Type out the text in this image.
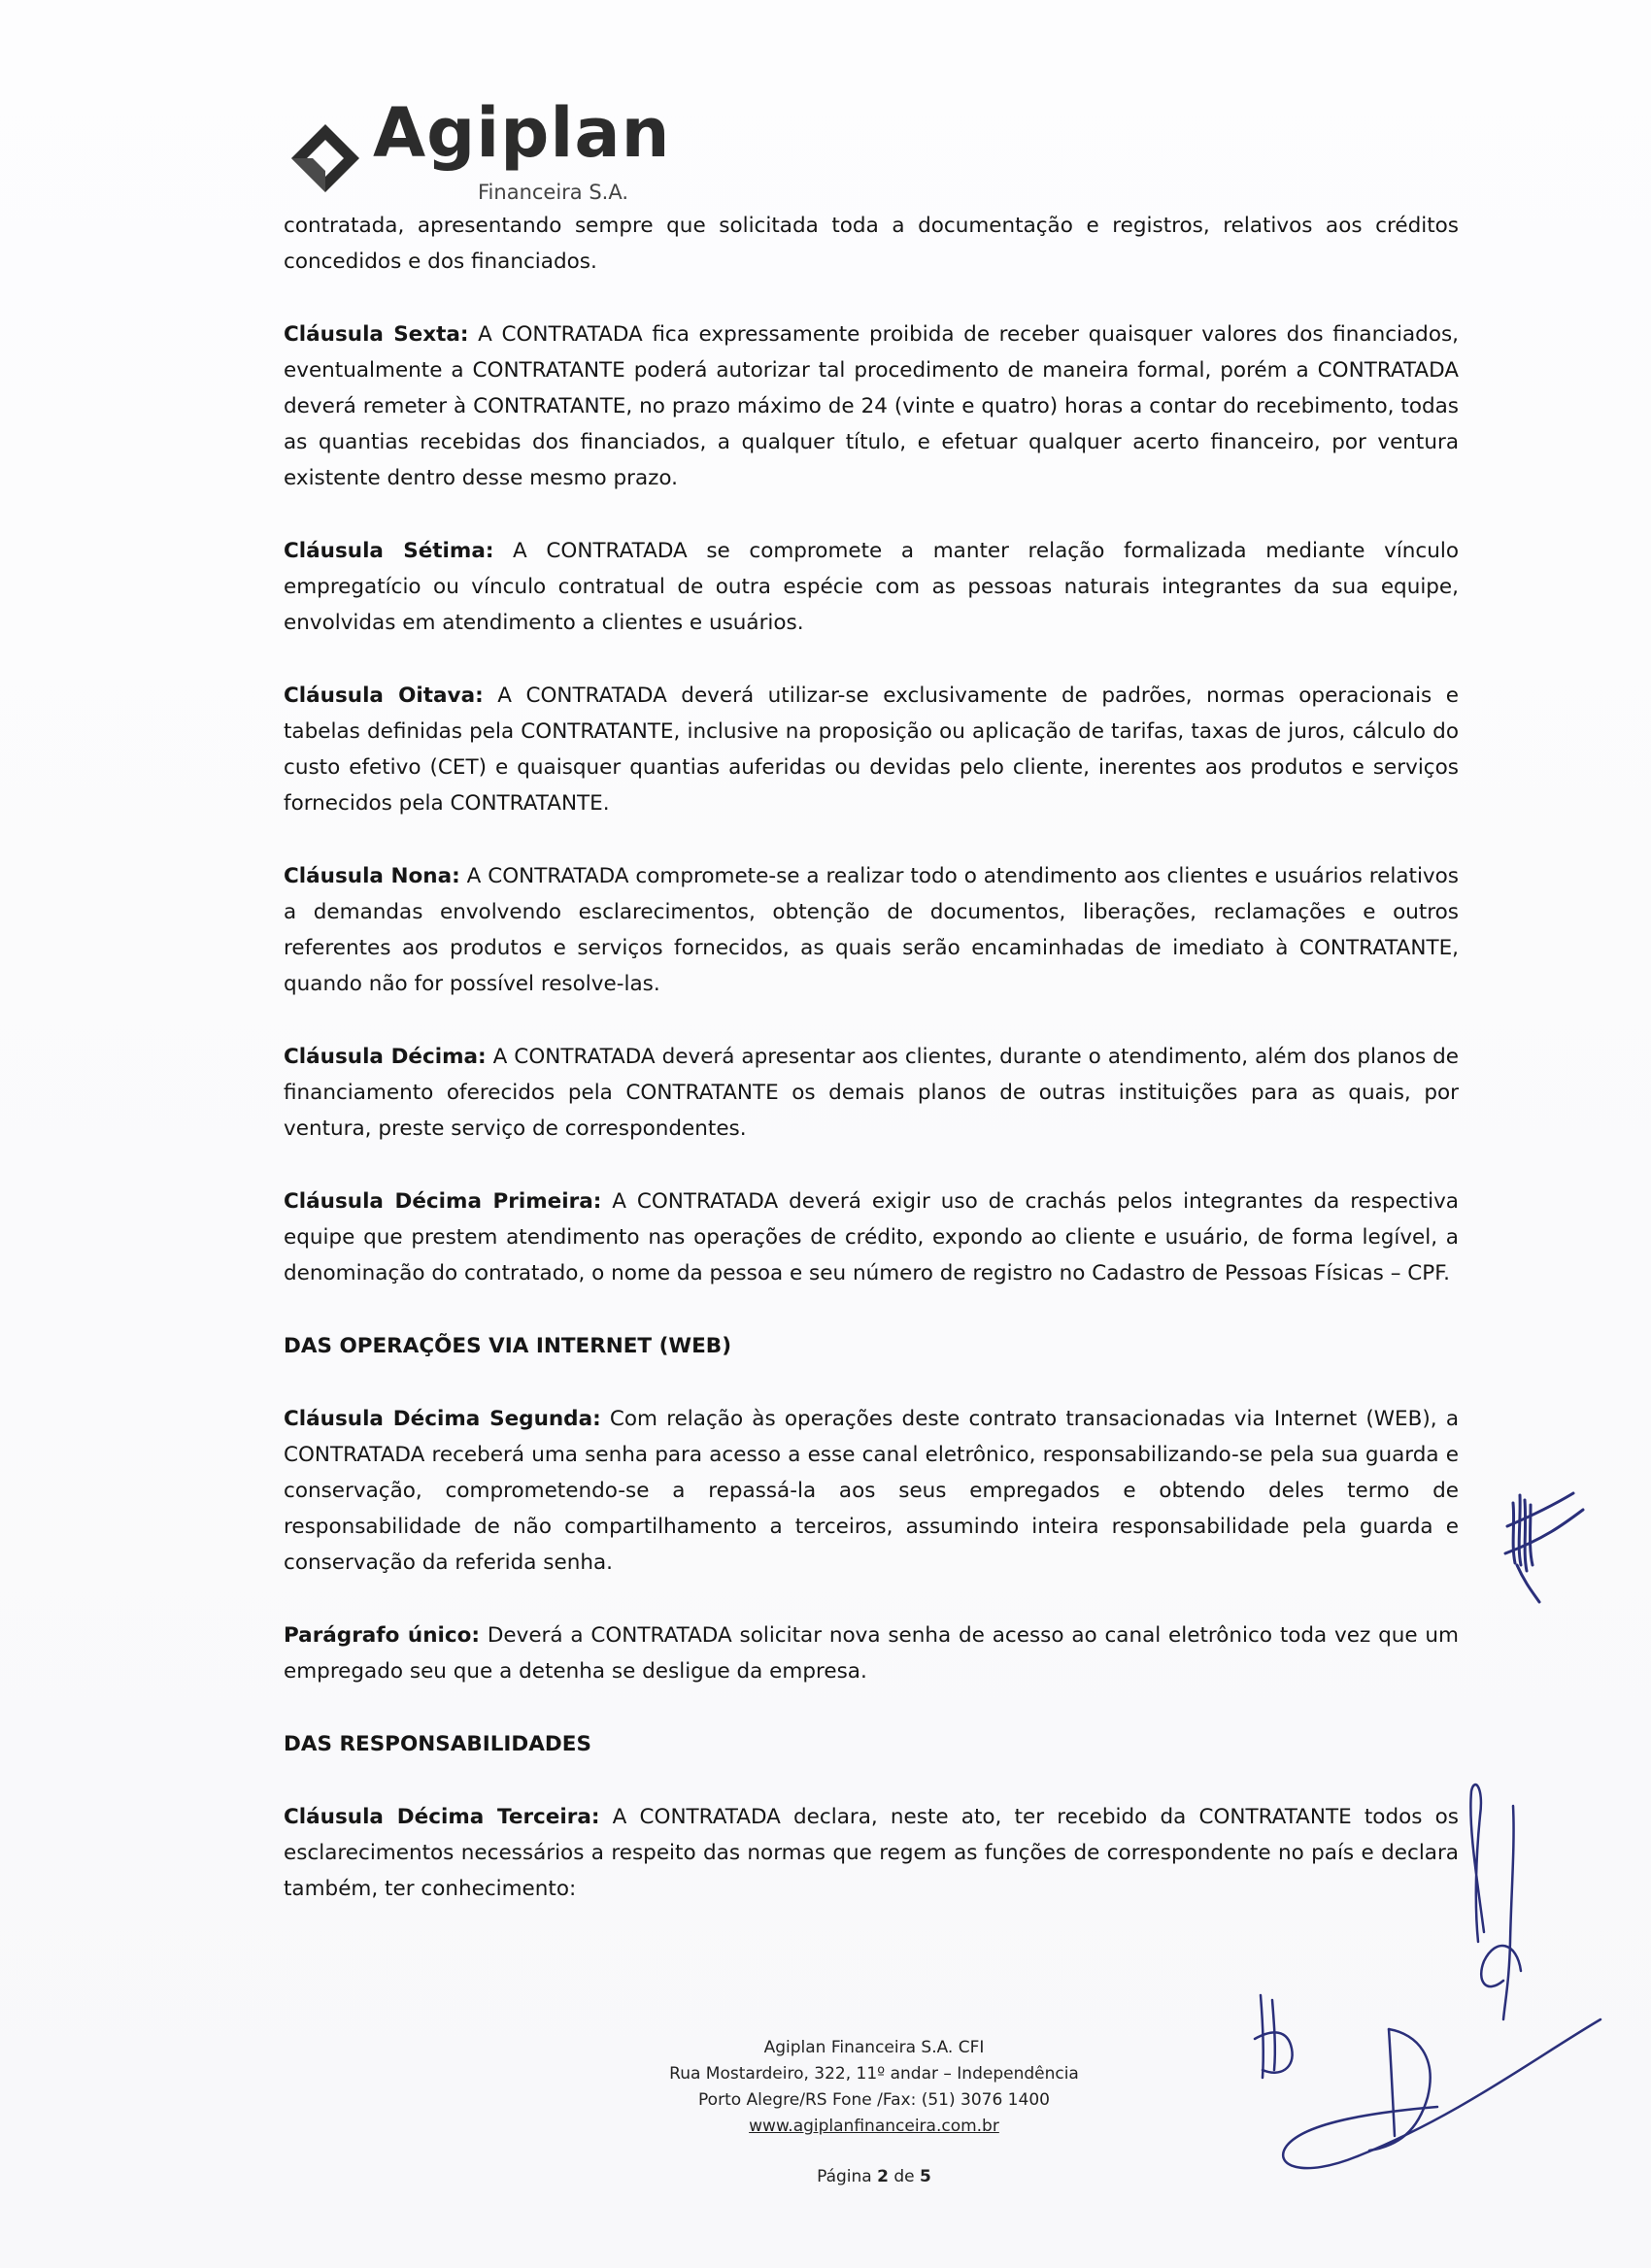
Agiplan
Financeira S.A.

contratada, apresentando sempre que solicitada toda a documentação e registros, relativos aos créditos concedidos e dos financiados.

Cláusula Sexta: A CONTRATADA fica expressamente proibida de receber quaisquer valores dos financiados, eventualmente a CONTRATANTE poderá autorizar tal procedimento de maneira formal, porém a CONTRATADA deverá remeter à CONTRATANTE, no prazo máximo de 24 (vinte e quatro) horas a contar do recebimento, todas as quantias recebidas dos financiados, a qualquer título, e efetuar qualquer acerto financeiro, por ventura existente dentro desse mesmo prazo.

Cláusula Sétima: A CONTRATADA se compromete a manter relação formalizada mediante vínculo empregatício ou vínculo contratual de outra espécie com as pessoas naturais integrantes da sua equipe, envolvidas em atendimento a clientes e usuários.

Cláusula Oitava: A CONTRATADA deverá utilizar-se exclusivamente de padrões, normas operacionais e tabelas definidas pela CONTRATANTE, inclusive na proposição ou aplicação de tarifas, taxas de juros, cálculo do custo efetivo (CET) e quaisquer quantias auferidas ou devidas pelo cliente, inerentes aos produtos e serviços fornecidos pela CONTRATANTE.

Cláusula Nona: A CONTRATADA compromete-se a realizar todo o atendimento aos clientes e usuários relativos a demandas envolvendo esclarecimentos, obtenção de documentos, liberações, reclamações e outros referentes aos produtos e serviços fornecidos, as quais serão encaminhadas de imediato à CONTRATANTE, quando não for possível resolve-las.

Cláusula Décima: A CONTRATADA deverá apresentar aos clientes, durante o atendimento, além dos planos de financiamento oferecidos pela CONTRATANTE os demais planos de outras instituições para as quais, por ventura, preste serviço de correspondentes.

Cláusula Décima Primeira: A CONTRATADA deverá exigir uso de crachás pelos integrantes da respectiva equipe que prestem atendimento nas operações de crédito, expondo ao cliente e usuário, de forma legível, a denominação do contratado, o nome da pessoa e seu número de registro no Cadastro de Pessoas Físicas – CPF.

DAS OPERAÇÕES VIA INTERNET (WEB)

Cláusula Décima Segunda: Com relação às operações deste contrato transacionadas via Internet (WEB), a CONTRATADA receberá uma senha para acesso a esse canal eletrônico, responsabilizando-se pela sua guarda e conservação, comprometendo-se a repassá-la aos seus empregados e obtendo deles termo de responsabilidade de não compartilhamento a terceiros, assumindo inteira responsabilidade pela guarda e conservação da referida senha.

Parágrafo único: Deverá a CONTRATADA solicitar nova senha de acesso ao canal eletrônico toda vez que um empregado seu que a detenha se desligue da empresa.

DAS RESPONSABILIDADES

Cláusula Décima Terceira: A CONTRATADA declara, neste ato, ter recebido da CONTRATANTE todos os esclarecimentos necessários a respeito das normas que regem as funções de correspondente no país e declara também, ter conhecimento:

Agiplan Financeira S.A. CFI
Rua Mostardeiro, 322, 11º andar – Independência
Porto Alegre/RS Fone /Fax: (51) 3076 1400
www.agiplanfinanceira.com.br
Página 2 de 5
